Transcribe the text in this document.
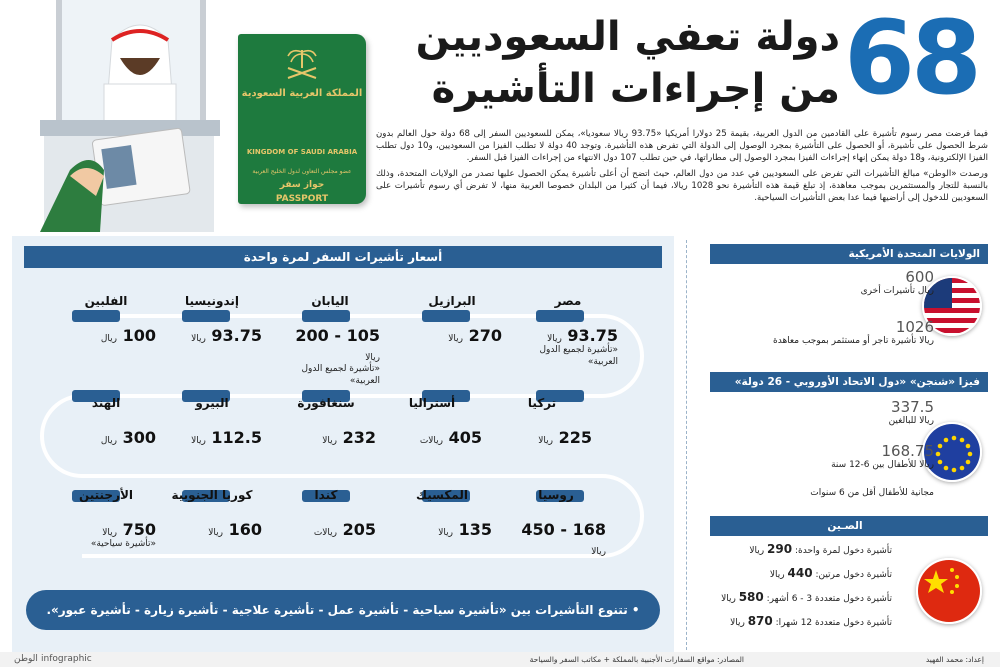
المملكة العربية السعودية
KINGDOM OF SAUDI ARABIA
عضو مجلس التعاون لدول الخليج العربية
جواز سفر
PASSPORT
68
دولة تعفي السعوديين
من إجراءات التأشيرة

فيما فرضت مصر رسوم تأشيرة على القادمين من الدول العربية، بقيمة 25 دولارا أمريكيا «93.75 ريالا سعوديا»، يمكن للسعوديين السفر إلى 68 دولة حول العالم بدون شرط الحصول على تأشيرة، أو الحصول على التأشيرة بمجرد الوصول إلى الدولة التي تفرض هذه التأشيرة. وتوجد 40 دولة لا تطلب الفيزا من السعوديين، و10 دول تطلب الفيزا الإلكترونية، و18 دولة يمكن إنهاء إجراءات الفيزا بمجرد الوصول إلى مطاراتها، في حين تطلب 107 دول الانتهاء من إجراءات الفيزا قبل السفر.

ورصدت «الوطن» مبالغ التأشيرات التي تفرض على السعوديين في عدد من دول العالم، حيث اتضح أن أعلى تأشيرة يمكن الحصول عليها تصدر من الولايات المتحدة، وذلك بالنسبة للتجار والمستثمرين بموجب معاهدة، إذ تبلغ قيمة هذه التأشيرة نحو 1028 ريالا، فيما أن كثيرا من البلدان خصوصا العربية منها، لا تفرض أي رسوم تأشيرات على السعوديين للدخول إلى أراضيها فيما عدا بعض التأشيرات السياحية.

أسعار تأشيرات السفر لمرة واحدة
مصر
93.75 ريالا
«تأشيرة لجميع الدول العربية»
البرازيل
270 ريالا
اليابان
105 - 200 ريالا
«تأشيرة لجميع الدول العربية»
إندونيسيا
93.75 ريالا
الفلبين
100 ريال
تركيا
225 ريالا
أستراليا
405 ريالات
سنغافورة
232 ريالا
البيرو
112.5 ريالا
الهند
300 ريال
روسيا
168 - 450 ريالا
المكسيك
135 ريالا
كندا
205 ريالات
كوريا الجنوبية
160 ريالا
الأرجنتين
750 ريالا
«تأشيرة سياحية»
• تتنوع التأشيرات بين «تأشيرة سياحية - تأشيرة عمل - تأشيرة علاجية - تأشيرة زيارة - تأشيرة عبور».
الولايات المتحدة الأمريكية
600
ريال تأشيرات أخرى
1026
ريالا تأشيرة تاجر أو مستثمر بموجب معاهدة
فيزا «شنجن» «دول الاتحاد الأوروبي - 26 دولة»
337.5
ريالا للبالغين
168.75
ريالا للأطفال بين 6-12 سنة
مجانية للأطفال أقل من 6 سنوات
الصـين
تأشيرة دخول لمرة واحدة: 290 ريالا
تأشيرة دخول مرتين: 440 ريالا
تأشيرة دخول متعددة 3 - 6 أشهر: 580 ريالا
تأشيرة دخول متعددة 12 شهرا: 870 ريالا
الوطن infographic	المصادر: مواقع السفارات الأجنبية بالمملكة + مكاتب السفر والسياحة	إعداد: محمد الفهيد
